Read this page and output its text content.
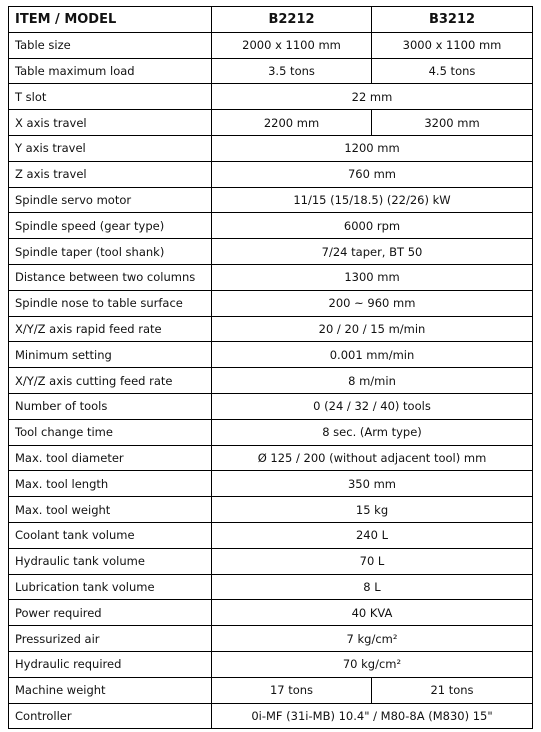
ITEM / MODEL	B2212	B3212
Table size	2000 x 1100 mm	3000 x 1100 mm
Table maximum load	3.5 tons	4.5 tons
T slot	22 mm	
X axis travel	2200 mm	3200 mm
Y axis travel	1200 mm	
Z axis travel	760 mm	
Spindle servo motor	11/15 (15/18.5) (22/26) kW	
Spindle speed (gear type)	6000 rpm	
Spindle taper (tool shank)	7/24 taper, BT 50	
Distance between two columns	1300 mm	
Spindle nose to table surface	200 ~ 960 mm	
X/Y/Z axis rapid feed rate	20 / 20 / 15 m/min	
Minimum setting	0.001 mm/min	
X/Y/Z axis cutting feed rate	8 m/min	
Number of tools	0 (24 / 32 / 40) tools	
Tool change time	8 sec. (Arm type)	
Max. tool diameter	Ø 125 / 200 (without adjacent tool) mm	
Max. tool length	350 mm	
Max. tool weight	15 kg	
Coolant tank volume	240 L	
Hydraulic tank volume	70 L	
Lubrication tank volume	8 L	
Power required	40 KVA	
Pressurized air	7 kg/cm²	
Hydraulic required	70 kg/cm²	
Machine weight	17 tons	21 tons
Controller	0i-MF (31i-MB) 10.4" / M80-8A (M830) 15"	
